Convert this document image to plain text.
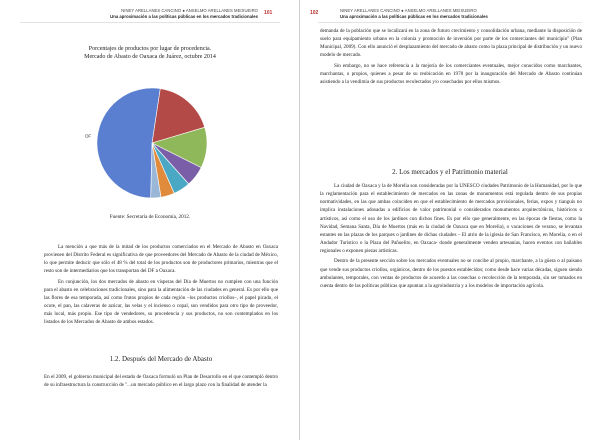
NINEY ARELLANES CANCINO ● ANSELMO ARELLANES MEIXUEIRO
Una aproximación a las políticas públicas en los mercados tradicionales
101
Porcentajes de productos por lugar de procedencia.
Mercado de Abasto de Oaxaca de Juárez, octubre 2014
DF
Fuente: Secretaría de Economía, 2012.

La mención a que más de la mitad de los productos comerciados en el Mercado de Abasto en Oaxaca provienen del Distrito Federal es significativa de que proveedores del Mercado de Abasto de la ciudad de México, lo que permite deducir que sólo el 48 % del total de los productos son de productores primarios, mientras que el resto son de intermediarios que los transportan del DF a Oaxaca.

En conjunción, los dos mercados de abasto en vísperas del Día de Muertos no cumplen con una función para el abasto en celebraciones tradicionales, sino para la alimentación de las ciudades en general. Es por ello que las flores de esa temporada, así como frutos propios de cada región –los productos criollos–, el papel picado, el ocote, el pan, las calaveras de azúcar, las velas y el incienso o copal, son vendidos para otro tipo de proveedor, más local, más propio. Ese tipo de vendedores, su procedencia y sus productos, no son contemplados en los listados de los Mercados de Abasto de ambos estados.

1.2. Después del Mercado de Abasto

En el 2009, el gobierno municipal del estado de Oaxaca formuló un Plan de Desarrollo en el que contempló dentro de su infraestructura la construcción de "...un mercado público en el largo plazo con la finalidad de atender la

102	NINEY ARELLANES CANCINO ● ANSELMO ARELLANES MEIXUEIRO
Una aproximación a las políticas públicas en los mercados tradicionales

demanda de la población que se localizará en la zona de futuro crecimiento y consolidación urbana, mediante la disposición de suelo para equipamiento urbano en la colonia y promoción de inversión por parte de los comerciantes del municipio" (Plan Municipal, 2009). Con ello anunció el desplazamiento del mercado de abasto como la plaza principal de distribución y un nuevo modelo de mercado.

Sin embargo, no se hace referencia a la mejoría de los comerciantes eventuales, mejor conocidos como marchantes, marchantas, o propios, quienes a pesar de su reubicación en 1978 por la inauguración del Mercado de Abasto continúan asistiendo a la vendimia de sus productos recolectados y/o cosechados por ellos mismos.

2. Los mercados y el Patrimonio material

La ciudad de Oaxaca y la de Morelia son consideradas por la UNESCO ciudades Patrimonio de la Humanidad, por lo que la reglamentación para el establecimiento de mercados en las zonas de monumentos está regulada dentro de sus propias normatividades, en las que ambas coinciden en que el establecimiento de mercados provisionales, ferias, expos y tianguis no implica instalaciones adosadas a edificios de valor patrimonial o considerados monumentos arquitectónicos, históricos o artísticos, así como el uso de los jardines con dichos fines. Es por ello que generalmente, en las épocas de fiestas, como la Navidad, Semana Santa, Día de Muertos (más en la ciudad de Oaxaca que en Morelia), o vacaciones de verano, se levantan estantes en las plazas de los parques o jardines de dichas ciudades – El atrio de la iglesia de San Francisco, en Morelia, o en el Andador Turístico o la Plaza del Pañuelito, en Oaxaca- donde generalmente venden artesanías, hacen eventos con bailables regionales o exponen piezas artísticas.

Dentro de la presente sección sobre los mercados eventuales no se concibe al propio, marchante, a la güera o al paisano que vende sus productos criollos, orgánicos, dentro de los puestos establecidos; como desde hace varias décadas, siguen siendo ambulantes, temporales, con ventas de productos de acuerdo a las cosechas o recolección de la temporada, sin ser tomados en cuenta dentro de las políticas públicas que apuntan a la agroindustria y a los modelos de importación agrícola.
